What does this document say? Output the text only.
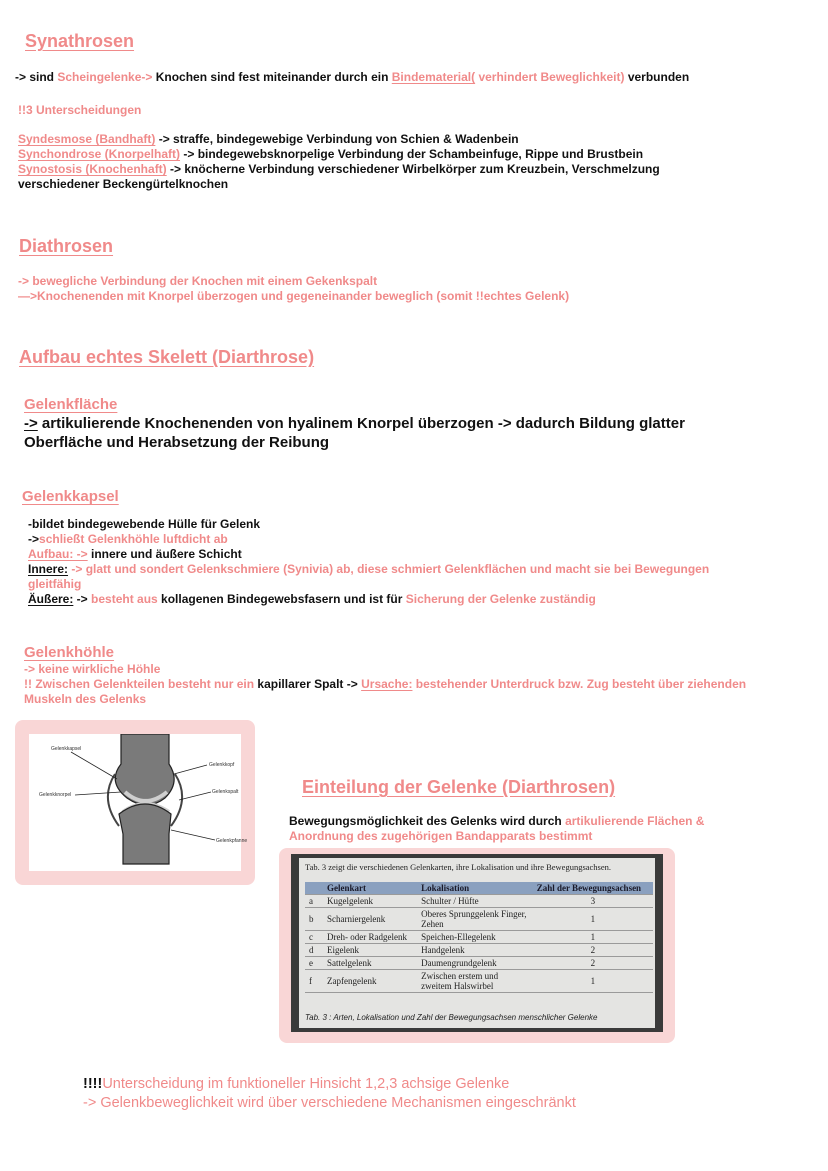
Synathrosen
-> sind Scheingelenke-> Knochen sind fest miteinander durch ein Bindematerial( verhindert Beweglichkeit) verbunden
!!3 Unterscheidungen
Syndesmose (Bandhaft) -> straffe, bindegewebige Verbindung von Schien & Wadenbein
Synchondrose (Knorpelhaft) -> bindegewebsknorpelige Verbindung der Schambeinfuge, Rippe und Brustbein
Synostosis (Knochenhaft) -> knöcherne Verbindung verschiedener Wirbelkörper zum Kreuzbein, Verschmelzung
verschiedener Beckengürtelknochen
Diathrosen
-> bewegliche Verbindung der Knochen mit einem Gekenkspalt
—>Knochenenden mit Knorpel überzogen und gegeneinander beweglich (somit !!echtes Gelenk)
Aufbau echtes Skelett (Diarthrose)
Gelenkfläche
-> artikulierende Knochenenden von hyalinem Knorpel überzogen -> dadurch Bildung glatter
Oberfläche und Herabsetzung der Reibung
Gelenkkapsel
-bildet bindegewebende Hülle für Gelenk
->schließt Gelenkhöhle luftdicht ab
Aufbau: -> innere und äußere Schicht
Innere: -> glatt und sondert Gelenkschmiere (Synivia) ab, diese schmiert Gelenkflächen und macht sie bei Bewegungen
gleitfähig
Äußere: -> besteht aus kollagenen Bindegewebsfasern und ist für Sicherung der Gelenke zuständig
Gelenkhöhle
-> keine wirkliche Höhle
!! Zwischen Gelenkteilen besteht nur ein kapillarer Spalt -> Ursache: bestehender Unterdruck bzw. Zug besteht über ziehenden
Muskeln des Gelenks
Gelenkkapsel
Gelenkknorpel
Gelenkkopf
Gelenkspalt
Gelenkpfanne
Einteilung der Gelenke (Diarthrosen)
Bewegungsmöglichkeit des Gelenks wird durch artikulierende Flächen &
Anordnung des zugehörigen Bandapparats bestimmt
Tab. 3 zeigt die verschiedenen Gelenkarten, ihre Lokalisation und ihre Bewegungsachsen.
	Gelenkart	Lokalisation	Zahl der Bewegungsachsen
a	Kugelgelenk	Schulter / Hüfte	3
b	Scharniergelenk	Oberes Sprunggelenk Finger, Zehen	1
c	Dreh- oder Radgelenk	Speichen-Ellegelenk	1
d	Eigelenk	Handgelenk	2
e	Sattelgelenk	Daumengrundgelenk	2
f	Zapfengelenk	Zwischen erstem und zweitem Halswirbel	1
Tab. 3 : Arten, Lokalisation und Zahl der Bewegungsachsen menschlicher Gelenke
!!!!Unterscheidung im funktioneller Hinsicht 1,2,3 achsige Gelenke
-> Gelenkbeweglichkeit wird über verschiedene Mechanismen eingeschränkt
